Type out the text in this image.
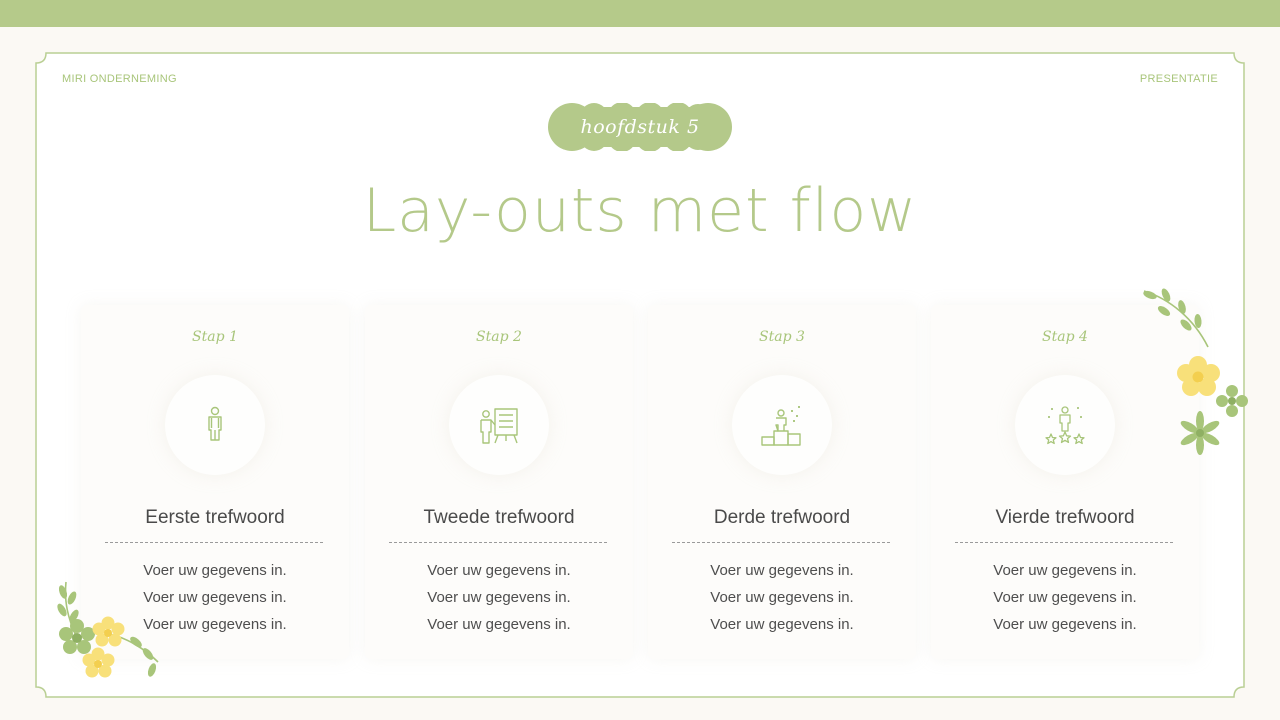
MIRI ONDERNEMING	PRESENTATIE
hoofdstuk 5
Lay-outs met flow
Stap 1
Eerste trefwoord
Voer uw gegevens in.
Voer uw gegevens in.
Voer uw gegevens in.
Stap 2
Tweede trefwoord
Voer uw gegevens in.
Voer uw gegevens in.
Voer uw gegevens in.
Stap 3
Derde trefwoord
Voer uw gegevens in.
Voer uw gegevens in.
Voer uw gegevens in.
Stap 4
Vierde trefwoord
Voer uw gegevens in.
Voer uw gegevens in.
Voer uw gegevens in.
